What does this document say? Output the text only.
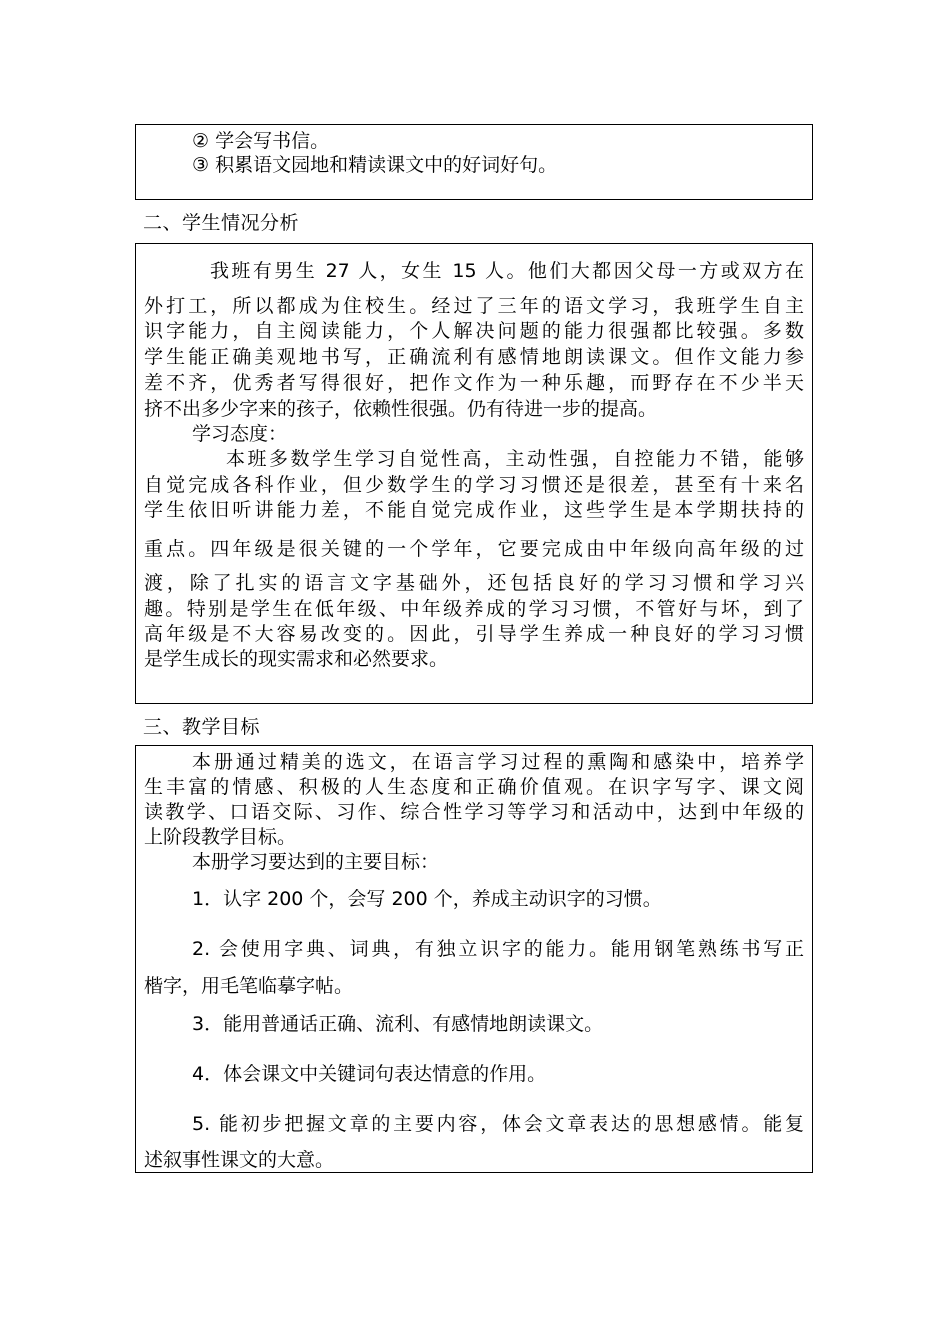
② 学会写书信。
③ 积累语文园地和精读课文中的好词好句。
二、学生情况分析
我班有男生 27 人，女生 15 人。他们大都因父母一方或双方在
外打工，所以都成为住校生。经过了三年的语文学习，我班学生自主
识字能力，自主阅读能力，个人解决问题的能力很强都比较强。多数
学生能正确美观地书写，正确流利有感情地朗读课文。但作文能力参
差不齐，优秀者写得很好，把作文作为一种乐趣，而野存在不少半天
挤不出多少字来的孩子，依赖性很强。仍有待进一步的提高。
学习态度：
本班多数学生学习自觉性高，主动性强，自控能力不错，能够
自觉完成各科作业，但少数学生的学习习惯还是很差，甚至有十来名
学生依旧听讲能力差，不能自觉完成作业，这些学生是本学期扶持的
重点。四年级是很关键的一个学年，它要完成由中年级向高年级的过
渡，除了扎实的语言文字基础外，还包括良好的学习习惯和学习兴
趣。特别是学生在低年级、中年级养成的学习习惯，不管好与坏，到了
高年级是不大容易改变的。因此，引导学生养成一种良好的学习习惯
是学生成长的现实需求和必然要求。
三、教学目标
本册通过精美的选文，在语言学习过程的熏陶和感染中，培养学
生丰富的情感、积极的人生态度和正确价值观。在识字写字、课文阅
读教学、口语交际、习作、综合性学习等学习和活动中，达到中年级的
上阶段教学目标。
本册学习要达到的主要目标：
1．认字 200 个，会写 200 个，养成主动识字的习惯。
2. 会使用字典、词典，有独立识字的能力。能用钢笔熟练书写正
楷字，用毛笔临摹字帖。
3．能用普通话正确、流利、有感情地朗读课文。
4．体会课文中关键词句表达情意的作用。
5. 能初步把握文章的主要内容，体会文章表达的思想感情。能复
述叙事性课文的大意。
